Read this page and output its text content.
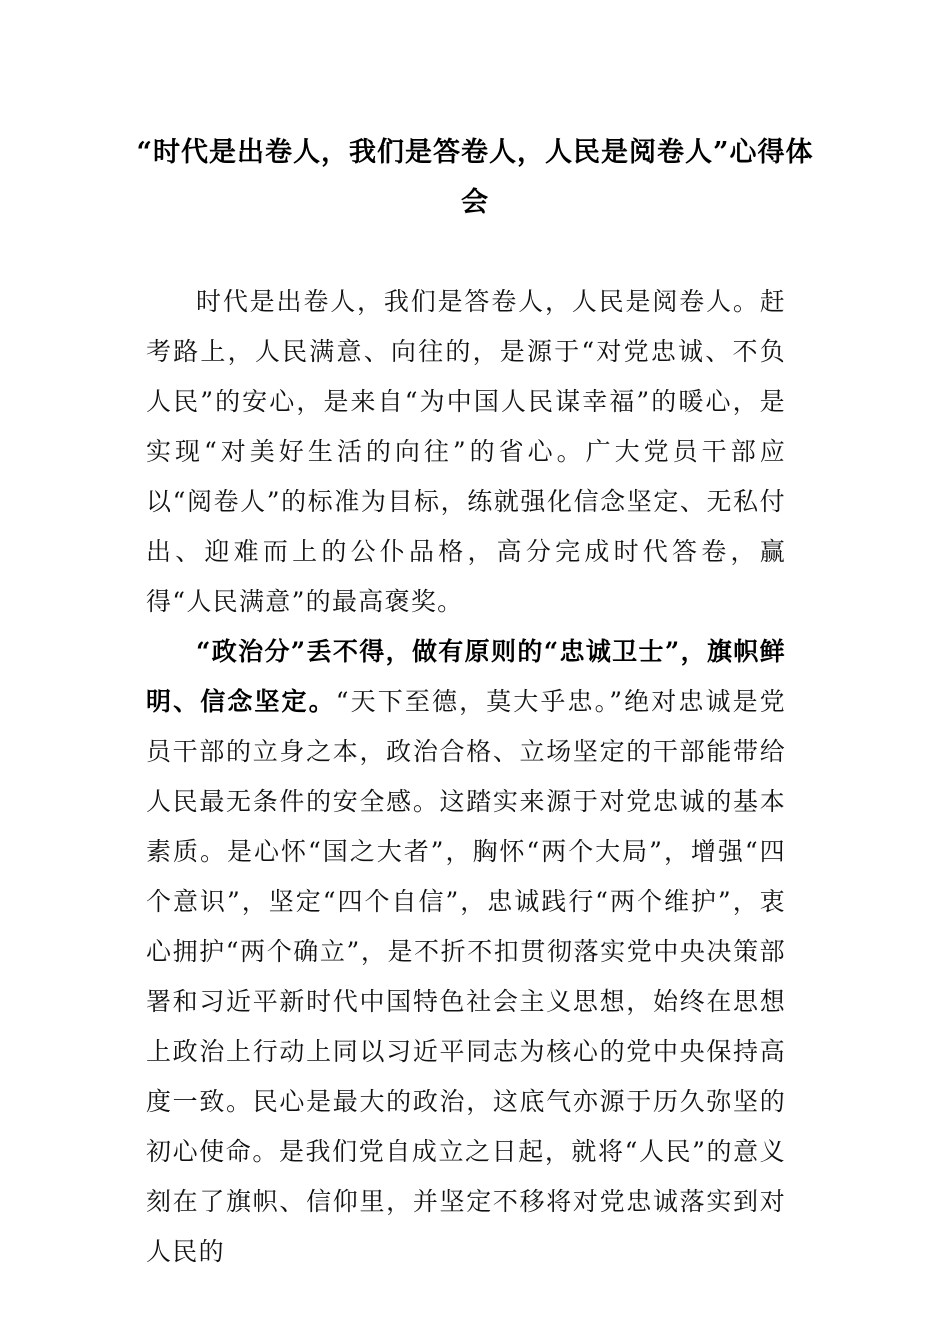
“时代是出卷人，我们是答卷人，人民是阅卷人”心得体会

时代是出卷人，我们是答卷人，人民是阅卷人。赶考路上，人民满意、向往的，是源于“对党忠诚、不负人民”的安心，是来自“为中国人民谋幸福”的暖心，是实现“对美好生活的向往”的省心。广大党员干部应以“阅卷人”的标准为目标，练就强化信念坚定、无私付出、迎难而上的公仆品格，高分完成时代答卷，赢得“人民满意”的最高褒奖。

“政治分”丢不得，做有原则的“忠诚卫士”，旗帜鲜明、信念坚定。“天下至德，莫大乎忠。”绝对忠诚是党员干部的立身之本，政治合格、立场坚定的干部能带给人民最无条件的安全感。这踏实来源于对党忠诚的基本素质。是心怀“国之大者”，胸怀“两个大局”，增强“四个意识”，坚定“四个自信”，忠诚践行“两个维护”，衷心拥护“两个确立”，是不折不扣贯彻落实党中央决策部署和习近平新时代中国特色社会主义思想，始终在思想上政治上行动上同以习近平同志为核心的党中央保持高度一致。民心是最大的政治，这底气亦源于历久弥坚的初心使命。是我们党自成立之日起，就将“人民”的意义刻在了旗帜、信仰里，并坚定不移将对党忠诚落实到对人民的
